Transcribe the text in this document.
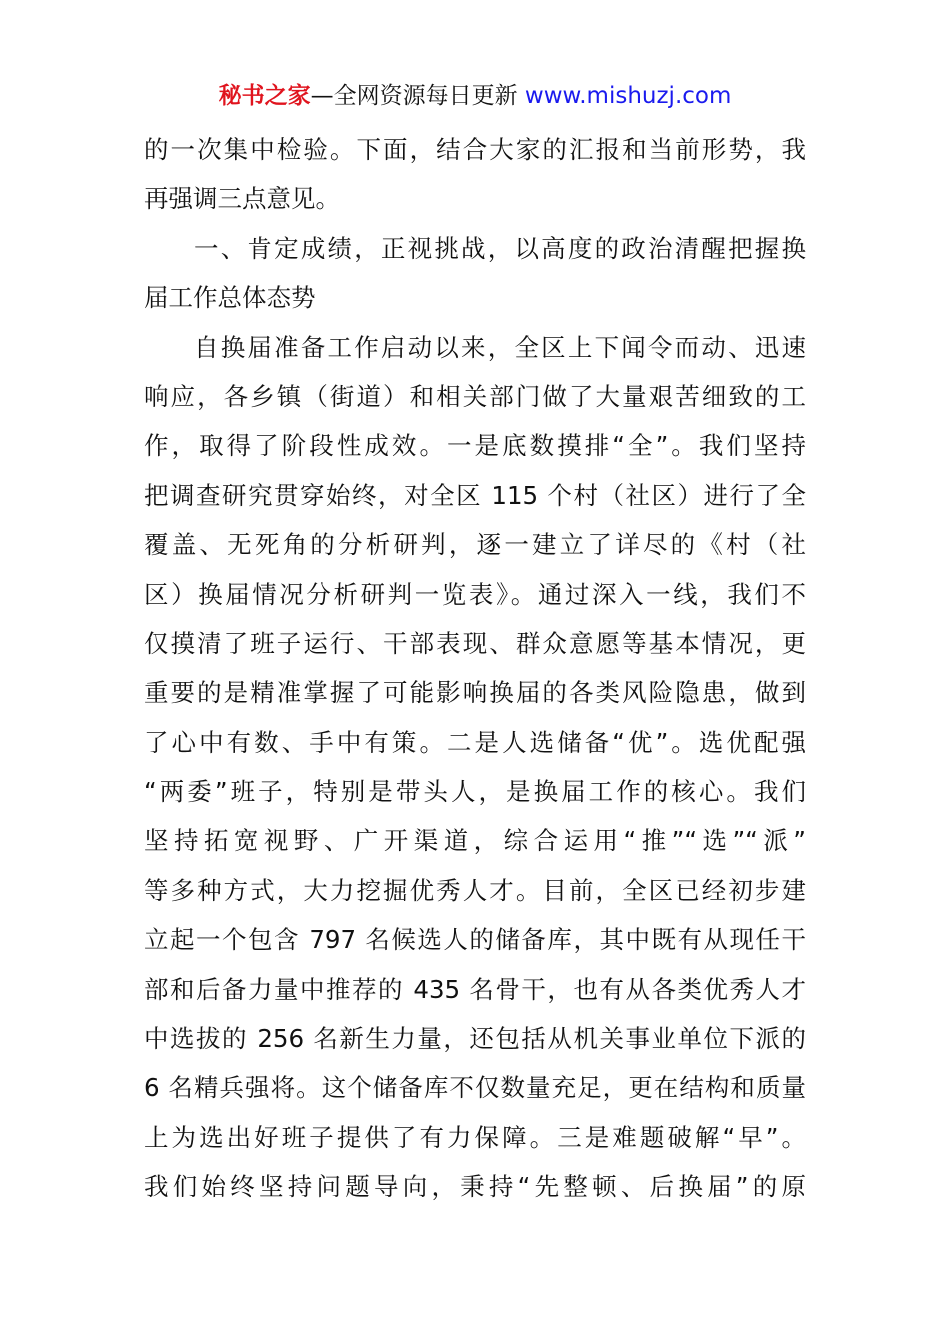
秘书之家—全网资源每日更新 www.mishuzj.com
的一次集中检验。下面，结合大家的汇报和当前形势，我
再强调三点意见。
一、肯定成绩，正视挑战，以高度的政治清醒把握换
届工作总体态势
自换届准备工作启动以来，全区上下闻令而动、迅速
响应，各乡镇（街道）和相关部门做了大量艰苦细致的工
作，取得了阶段性成效。一是底数摸排“全”。我们坚持
把调查研究贯穿始终，对全区 115 个村（社区）进行了全
覆盖、无死角的分析研判，逐一建立了详尽的《村（社
区）换届情况分析研判一览表》。通过深入一线，我们不
仅摸清了班子运行、干部表现、群众意愿等基本情况，更
重要的是精准掌握了可能影响换届的各类风险隐患，做到
了心中有数、手中有策。二是人选储备“优”。选优配强
“两委”班子，特别是带头人，是换届工作的核心。我们
坚持拓宽视野、广开渠道，综合运用“推”“选”“派”
等多种方式，大力挖掘优秀人才。目前，全区已经初步建
立起一个包含 797 名候选人的储备库，其中既有从现任干
部和后备力量中推荐的 435 名骨干，也有从各类优秀人才
中选拔的 256 名新生力量，还包括从机关事业单位下派的
6 名精兵强将。这个储备库不仅数量充足，更在结构和质量
上为选出好班子提供了有力保障。三是难题破解“早”。
我们始终坚持问题导向，秉持“先整顿、后换届”的原
